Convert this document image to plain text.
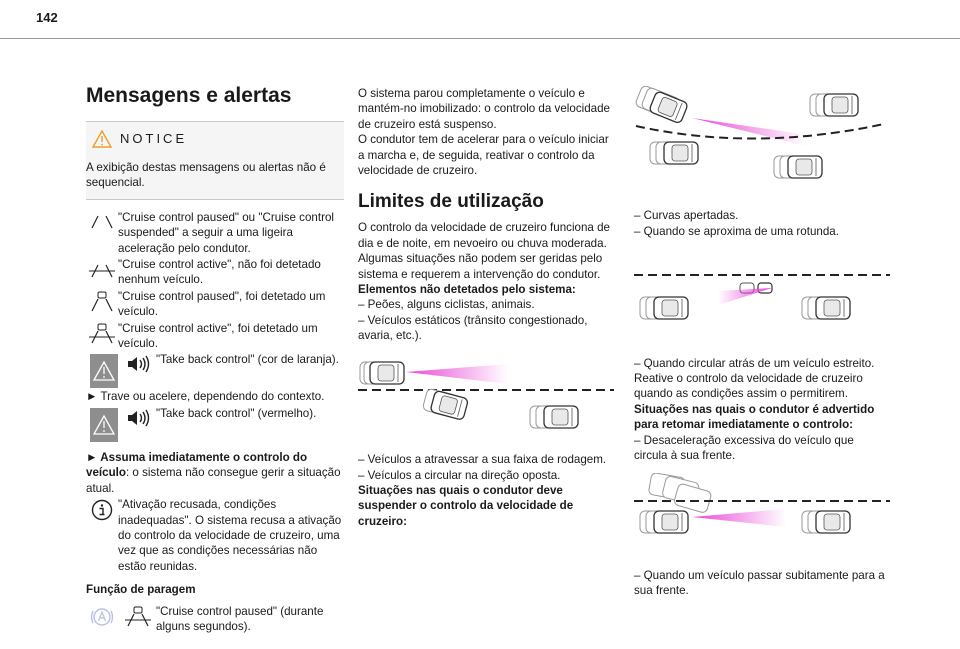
142
Mensagens e alertas
NOTICE

A exibição destas mensagens ou alertas não é sequencial.

"Cruise control paused" ou "Cruise control suspended" a seguir a uma ligeira aceleração pelo condutor.

"Cruise control active", não foi detetado nenhum veículo.

"Cruise control paused", foi detetado um veículo.

"Cruise control active", foi detetado um veículo.

"Take back control" (cor de laranja).

► Trave ou acelere, dependendo do contexto.

"Take back control" (vermelho).

► Assuma imediatamente o controlo do veículo: o sistema não consegue gerir a situação atual.

"Ativação recusada, condições inadequadas". O sistema recusa a ativação do controlo da velocidade de cruzeiro, uma vez que as condições necessárias não estão reunidas.

Função de paragem

"Cruise control paused" (durante alguns segundos).

O sistema parou completamente o veículo e mantém-no imobilizado: o controlo da velocidade de cruzeiro está suspenso.

O condutor tem de acelerar para o veículo iniciar a marcha e, de seguida, reativar o controlo da velocidade de cruzeiro.

Limites de utilização

O controlo da velocidade de cruzeiro funciona de dia e de noite, em nevoeiro ou chuva moderada.

Algumas situações não podem ser geridas pelo sistema e requerem a intervenção do condutor.

Elementos não detetados pelo sistema:

– Peões, alguns ciclistas, animais.

– Veículos estáticos (trânsito congestionado, avaria, etc.).

– Veículos a atravessar a sua faixa de rodagem.

– Veículos a circular na direção oposta.

Situações nas quais o condutor deve suspender o controlo da velocidade de cruzeiro:

– Curvas apertadas.

– Quando se aproxima de uma rotunda.

– Quando circular atrás de um veículo estreito.

Reative o controlo da velocidade de cruzeiro quando as condições assim o permitirem.

Situações nas quais o condutor é advertido para retomar imediatamente o controlo:

– Desaceleração excessiva do veículo que circula à sua frente.

– Quando um veículo passar subitamente para a sua frente.
